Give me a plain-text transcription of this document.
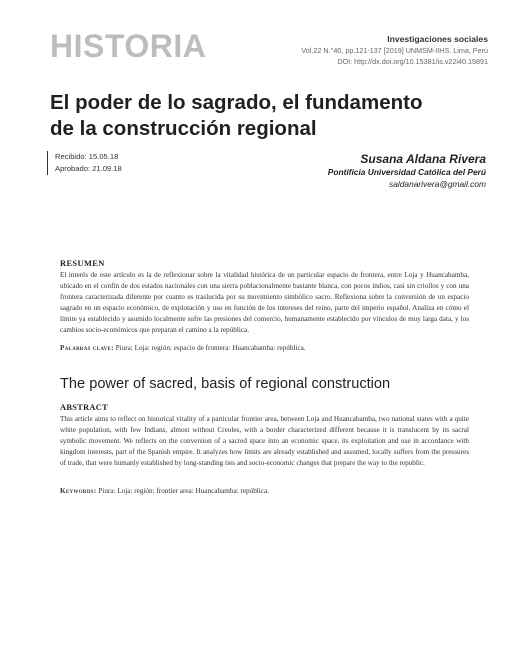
HISTORIA	Investigaciones sociales
Vol.22 N.°40, pp.121-137 [2019] UNMSM-IIHS. Lima, Perú
DOI: http://dx.doi.org/10.15381/is.v22i40.15891
El poder de lo sagrado, el fundamento
de la construcción regional
Recibido: 15.05.18
Aprobado: 21.09.18
Susana Aldana Rivera
Pontificia Universidad Católica del Perú
saldanarivera@gmail.com
RESUMEN

El interés de este artículo es la de reflexionar sobre la vitalidad histórica de un particular espacio de frontera, entre Loja y Huancabamba, ubicado en el confín de dos estados nacionales con una sierra poblacionalmente bastante blanca, con pocos indios, casi sin criollos y con una frontera caracterizada diferente por cuanto es traslucida por su movimiento simbólico sacro. Reflexiona sobre la conversión de un espacio sagrado en un espacio económico, de explotación y uso en función de los intereses del reino, parte del imperio español. Analiza en cómo el límite ya establecido y asumido localmente sufre las presiones del comercio, humanamente establecido por vínculos de muy larga data, y los cambios socio-económicos que preparan el camino a la república.

Palabras clave: Piura: Loja: región: espacio de frontera: Huancabamba: república.

The power of sacred, basis of regional construction
ABSTRACT

This article aims to reflect on historical vitality of a particular frontier area, between Loja and Huancabamba, two national states with a quite white population, with few Indians, almost without Creoles, with a border characterized different because it is translucent by its sacral symbolic movement. We reflects on the conversion of a sacred space into an economic space, its exploitation and use in accordance with kingdom interests, part of the Spanish empire. It analyzes how limits are already established and assumed, locally suffers from the pressures of trade, that were humanly established by long-standing ties and socio-economic changes that prepare the way to the republic.

Keywords: Piura: Loja: región: frontier area: Huancabamba: república.
